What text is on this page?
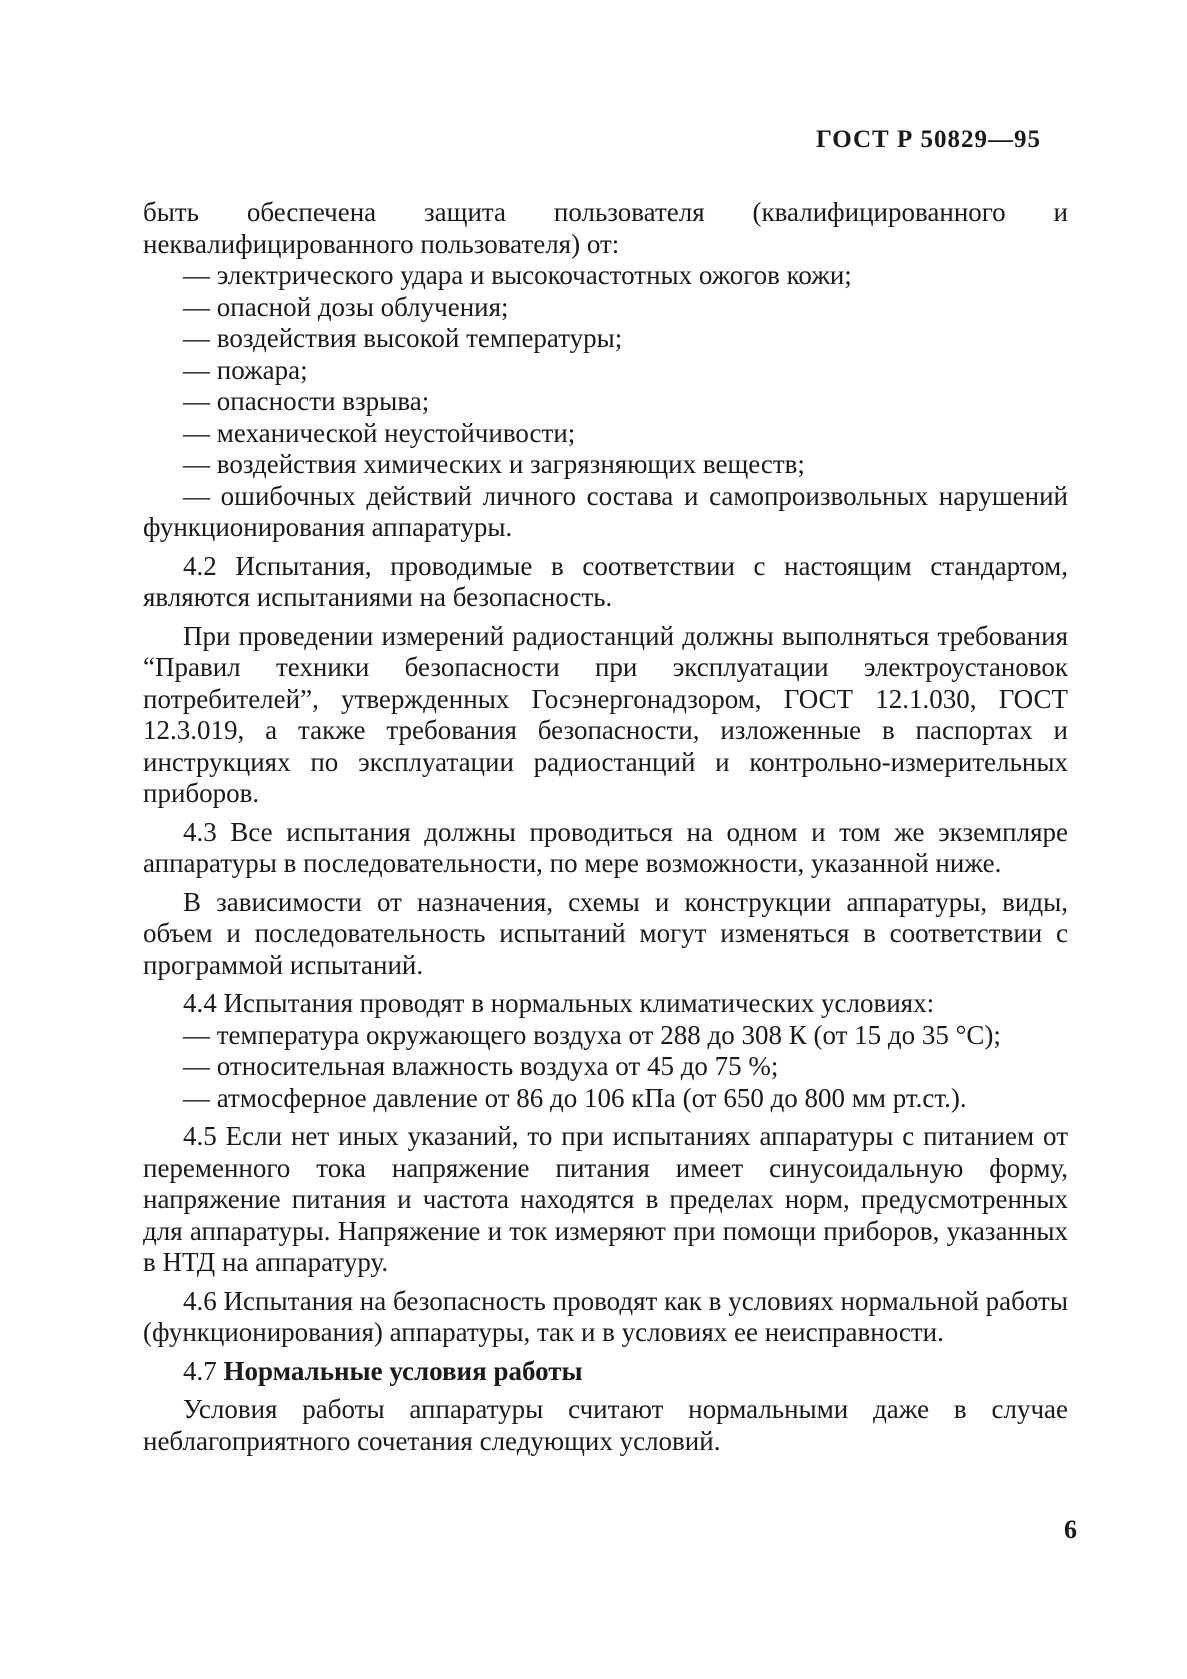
ГОСТ Р 50829—95

быть обеспечена защита пользователя (квалифицированного и неквалифицированного пользователя) от:

— электрического удара и высокочастотных ожогов кожи;

— опасной дозы облучения;

— воздействия высокой температуры;

— пожара;

— опасности взрыва;

— механической неустойчивости;

— воздействия химических и загрязняющих веществ;

— ошибочных действий личного состава и самопроизвольных нарушений функционирования аппаратуры.

4.2 Испытания, проводимые в соответствии с настоящим стандартом, являются испытаниями на безопасность.

При проведении измерений радиостанций должны выполняться требования “Правил техники безопасности при эксплуатации электроустановок потребителей”, утвержденных Госэнергонадзором, ГОСТ 12.1.030, ГОСТ 12.3.019, а также требования безопасности, изложенные в паспортах и инструкциях по эксплуатации радиостанций и контрольно-измерительных приборов.

4.3 Все испытания должны проводиться на одном и том же экземпляре аппаратуры в последовательности, по мере возможности, указанной ниже.

В зависимости от назначения, схемы и конструкции аппаратуры, виды, объем и последовательность испытаний могут изменяться в соответствии с программой испытаний.

4.4 Испытания проводят в нормальных климатических условиях:

— температура окружающего воздуха от 288 до 308 К (от 15 до 35 °С);

— относительная влажность воздуха от 45 до 75 %;

— атмосферное давление от 86 до 106 кПа (от 650 до 800 мм рт.ст.).

4.5 Если нет иных указаний, то при испытаниях аппаратуры с питанием от переменного тока напряжение питания имеет синусоидальную форму, напряжение питания и частота находятся в пределах норм, предусмотренных для аппаратуры. Напряжение и ток измеряют при помощи приборов, указанных в НТД на аппаратуру.

4.6 Испытания на безопасность проводят как в условиях нормальной работы (функционирования) аппаратуры, так и в условиях ее неисправности.

4.7 Нормальные условия работы

Условия работы аппаратуры считают нормальными даже в случае неблагоприятного сочетания следующих условий.

6
